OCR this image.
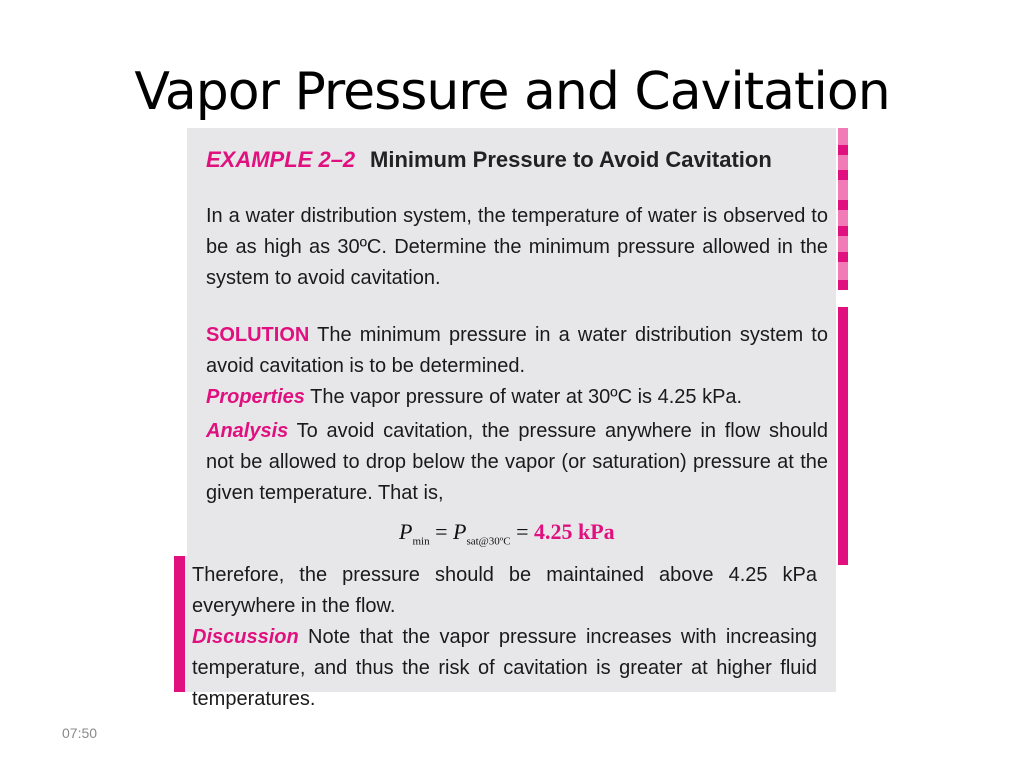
Vapor Pressure and Cavitation
EXAMPLE 2–2 Minimum Pressure to Avoid Cavitation
In a water distribution system, the temperature of water is observed to be as high as 30ºC. Determine the minimum pressure allowed in the system to avoid cavitation.
SOLUTION The minimum pressure in a water distribution system to avoid cavitation is to be determined.
Properties The vapor pressure of water at 30ºC is 4.25 kPa.
Analysis To avoid cavitation, the pressure anywhere in flow should not be allowed to drop below the vapor (or saturation) pressure at the given temperature. That is,
$P_{min} = P_{sat@30ºC} = 4.25$ kPa
Therefore, the pressure should be maintained above 4.25 kPa everywhere in the flow.
Discussion Note that the vapor pressure increases with increasing temperature, and thus the risk of cavitation is greater at higher fluid temperatures.
07:50
